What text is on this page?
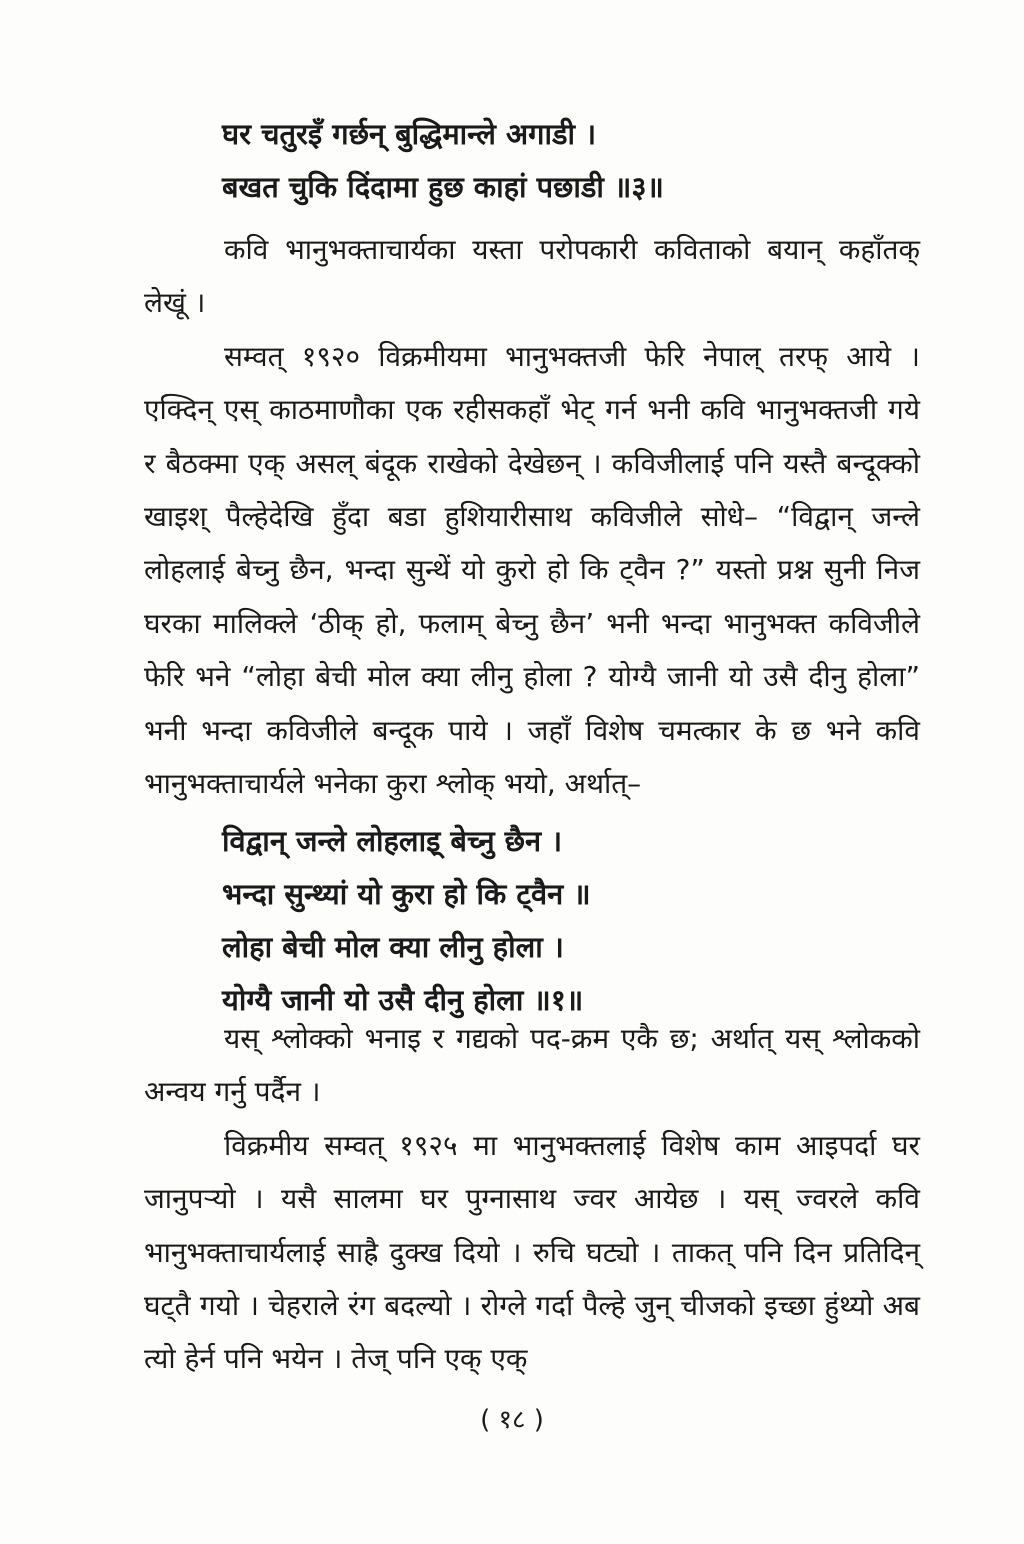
घर चतुरइँ गर्छन् बुद्धिमान्ले अगाडी ।
बखत चुकि दिंदामा हुछ काहां पछाडी ॥३॥

कवि भानुभक्ताचार्यका यस्ता परोपकारी कविताको बयान् कहाँतक् लेखूं ।

सम्वत् १९२० विक्रमीयमा भानुभक्तजी फेरि नेपाल् तरफ् आये । एक्दिन् एस् काठमाणौका एक रहीसकहाँ भेट् गर्न भनी कवि भानुभक्तजी गये र बैठक्मा एक् असल् बंदूक राखेको देखेछन् । कविजीलाई पनि यस्तै बन्दूक्को खाइश् पैल्हेदेखि हुँदा बडा हुशियारीसाथ कविजीले सोधे– “विद्वान् जन्ले लोहलाई बेच्नु छैन, भन्दा सुन्थें यो कुरो हो कि ट्वैन ?” यस्तो प्रश्न सुनी निज घरका मालिक्ले ‘ठीक् हो, फलाम् बेच्नु छैन’ भनी भन्दा भानुभक्त कविजीले फेरि भने “लोहा बेची मोल क्या लीनु होला ? योग्यै जानी यो उसै दीनु होला” भनी भन्दा कविजीले बन्दूक पाये । जहाँ विशेष चमत्कार के छ भने कवि भानुभक्ताचार्यले भनेका कुरा श्लोक् भयो, अर्थात्–

विद्वान् जन्ले लोहलाइ् बेच्नु छैन ।
भन्दा सुन्थ्यां यो कुरा हो कि ट्वैन ॥
लोहा बेची मोल क्या लीनु होला ।
योग्यै जानी यो उसै दीनु होला ॥१॥

यस् श्लोक्को भनाइ र गद्यको पद-क्रम एकै छ; अर्थात् यस् श्लोकको अन्वय गर्नु पर्दैन ।

विक्रमीय सम्वत् १९२५ मा भानुभक्तलाई विशेष काम आइपर्दा घर जानुपऱ्यो । यसै सालमा घर पुग्नासाथ ज्वर आयेछ । यस् ज्वरले कवि भानुभक्ताचार्यलाई साह्रै दुक्ख दियो । रुचि घट्यो । ताकत् पनि दिन प्रतिदिन् घट्तै गयो । चेहराले रंग बदल्यो । रोग्ले गर्दा पैल्हे जुन् चीजको इच्छा हुंथ्यो अब त्यो हेर्न पनि भयेन । तेज् पनि एक् एक्

( १८ )
